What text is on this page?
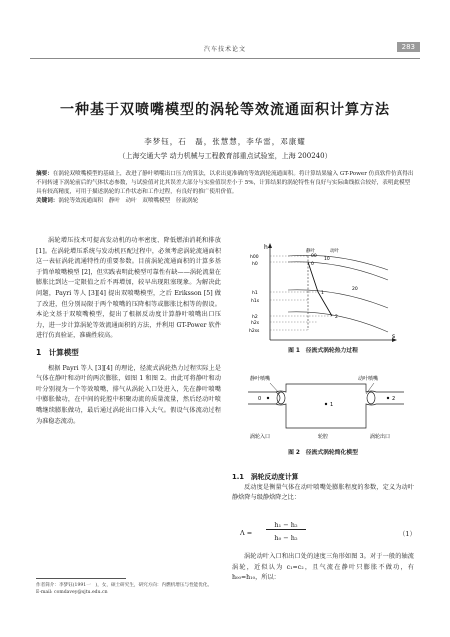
汽车技术论文	283
一种基于双喷嘴模型的涡轮等效流通面积计算方法
李梦钰，石　磊，张慧慧，李华雷，邓康耀
（上海交通大学 动力机械与工程教育部重点试验室，上海 200240）
摘要：在涡轮双喷嘴模型的基础上，改进了静叶喷嘴出口压力的算法，以求出更准确的等效涡轮流通面积。将计算结果输入 GT-Power 仿真软件仿真得出不同转速下涡轮前后的气体状态参数，与试验值对比其误差大部分与实验值误差小于 5%，计算结果的涡轮特性有良好与实际曲线拟合较好，表明此模型具有较高精度，可用于描述涡轮的工作状态和工作过程，有良好的推广使用价值。
关键词：涡轮等效流通面积　静叶　动叶　双喷嘴模型　径流涡轮

涡轮增压技术可提高发动机的功率密度、降低燃油消耗和排放 [1]。在涡轮增压系统与发动机匹配过程中，必须考虑涡轮流通面积这一表征涡轮流通特性的重要参数。目前涡轮流通面积的计算多基于简单喷嘴模型 [2]，但实践表明此模型可靠性有缺——涡轮流量在膨胀比到达一定限值之后不再增加，较早出现阻塞现象。为解决此问题，Payri 等人 [3][4] 提出双喷嘴模型，之后 Eriksson [5] 做了改进，但分别局限于两个喷嘴的压降相等或膨胀比相等的假设。本论文基于双喷嘴模型，提出了根据反动度计算静叶喷嘴出口压力，进一步计算涡轮等效流通面积的方法，并利用 GT-Power 软件进行仿真验证，准确性较高。

1　计算模型

根据 Payri 等人 [3][4] 的理论，径流式涡轮热力过程实际上是气体在静叶和动叶的两次膨胀，如图 1 和图 2。由此可将静叶和动叶分别视为一个等效喷嘴，排气从涡轮入口处进入，先在静叶喷嘴中膨胀做功，在中间的轮腔中积聚动流的质量流量，然后经动叶喷嘴继续膨胀做功，最后通过涡轮出口排入大气。假设气体流动过程为准稳态流动。

作者简介：李梦钰(1991一　)，女，硕士研究生，研究方向：内燃机增压与性能优化。
E-mail: comdavey@sjtu.edu.cn
h
s
静叶	动叶
h00
h0
h1
h1s
h2
h2s
h2ss
00
0
1
2
10
20
图 1　径流式涡轮热力过程
静叶喷嘴	动叶喷嘴
0
1
2
涡轮入口	轮腔	涡轮出口
图 2　径流式涡轮简化模型
1.1　涡轮反动度计算
反动度是衡量气体在动叶喷嘴处膨胀程度的参数，定义为动叶静焓降与级静焓降之比：
Λ =
h₁ − h₂
h₀ − h₂	（1）
涡轮动叶入口和出口处的速度三角形如图 3。对于一般的轴流涡轮，近似认为 c₁=c₂，且气流在静叶只膨胀不做功，有 h₀₀=h₁₀，所以：
